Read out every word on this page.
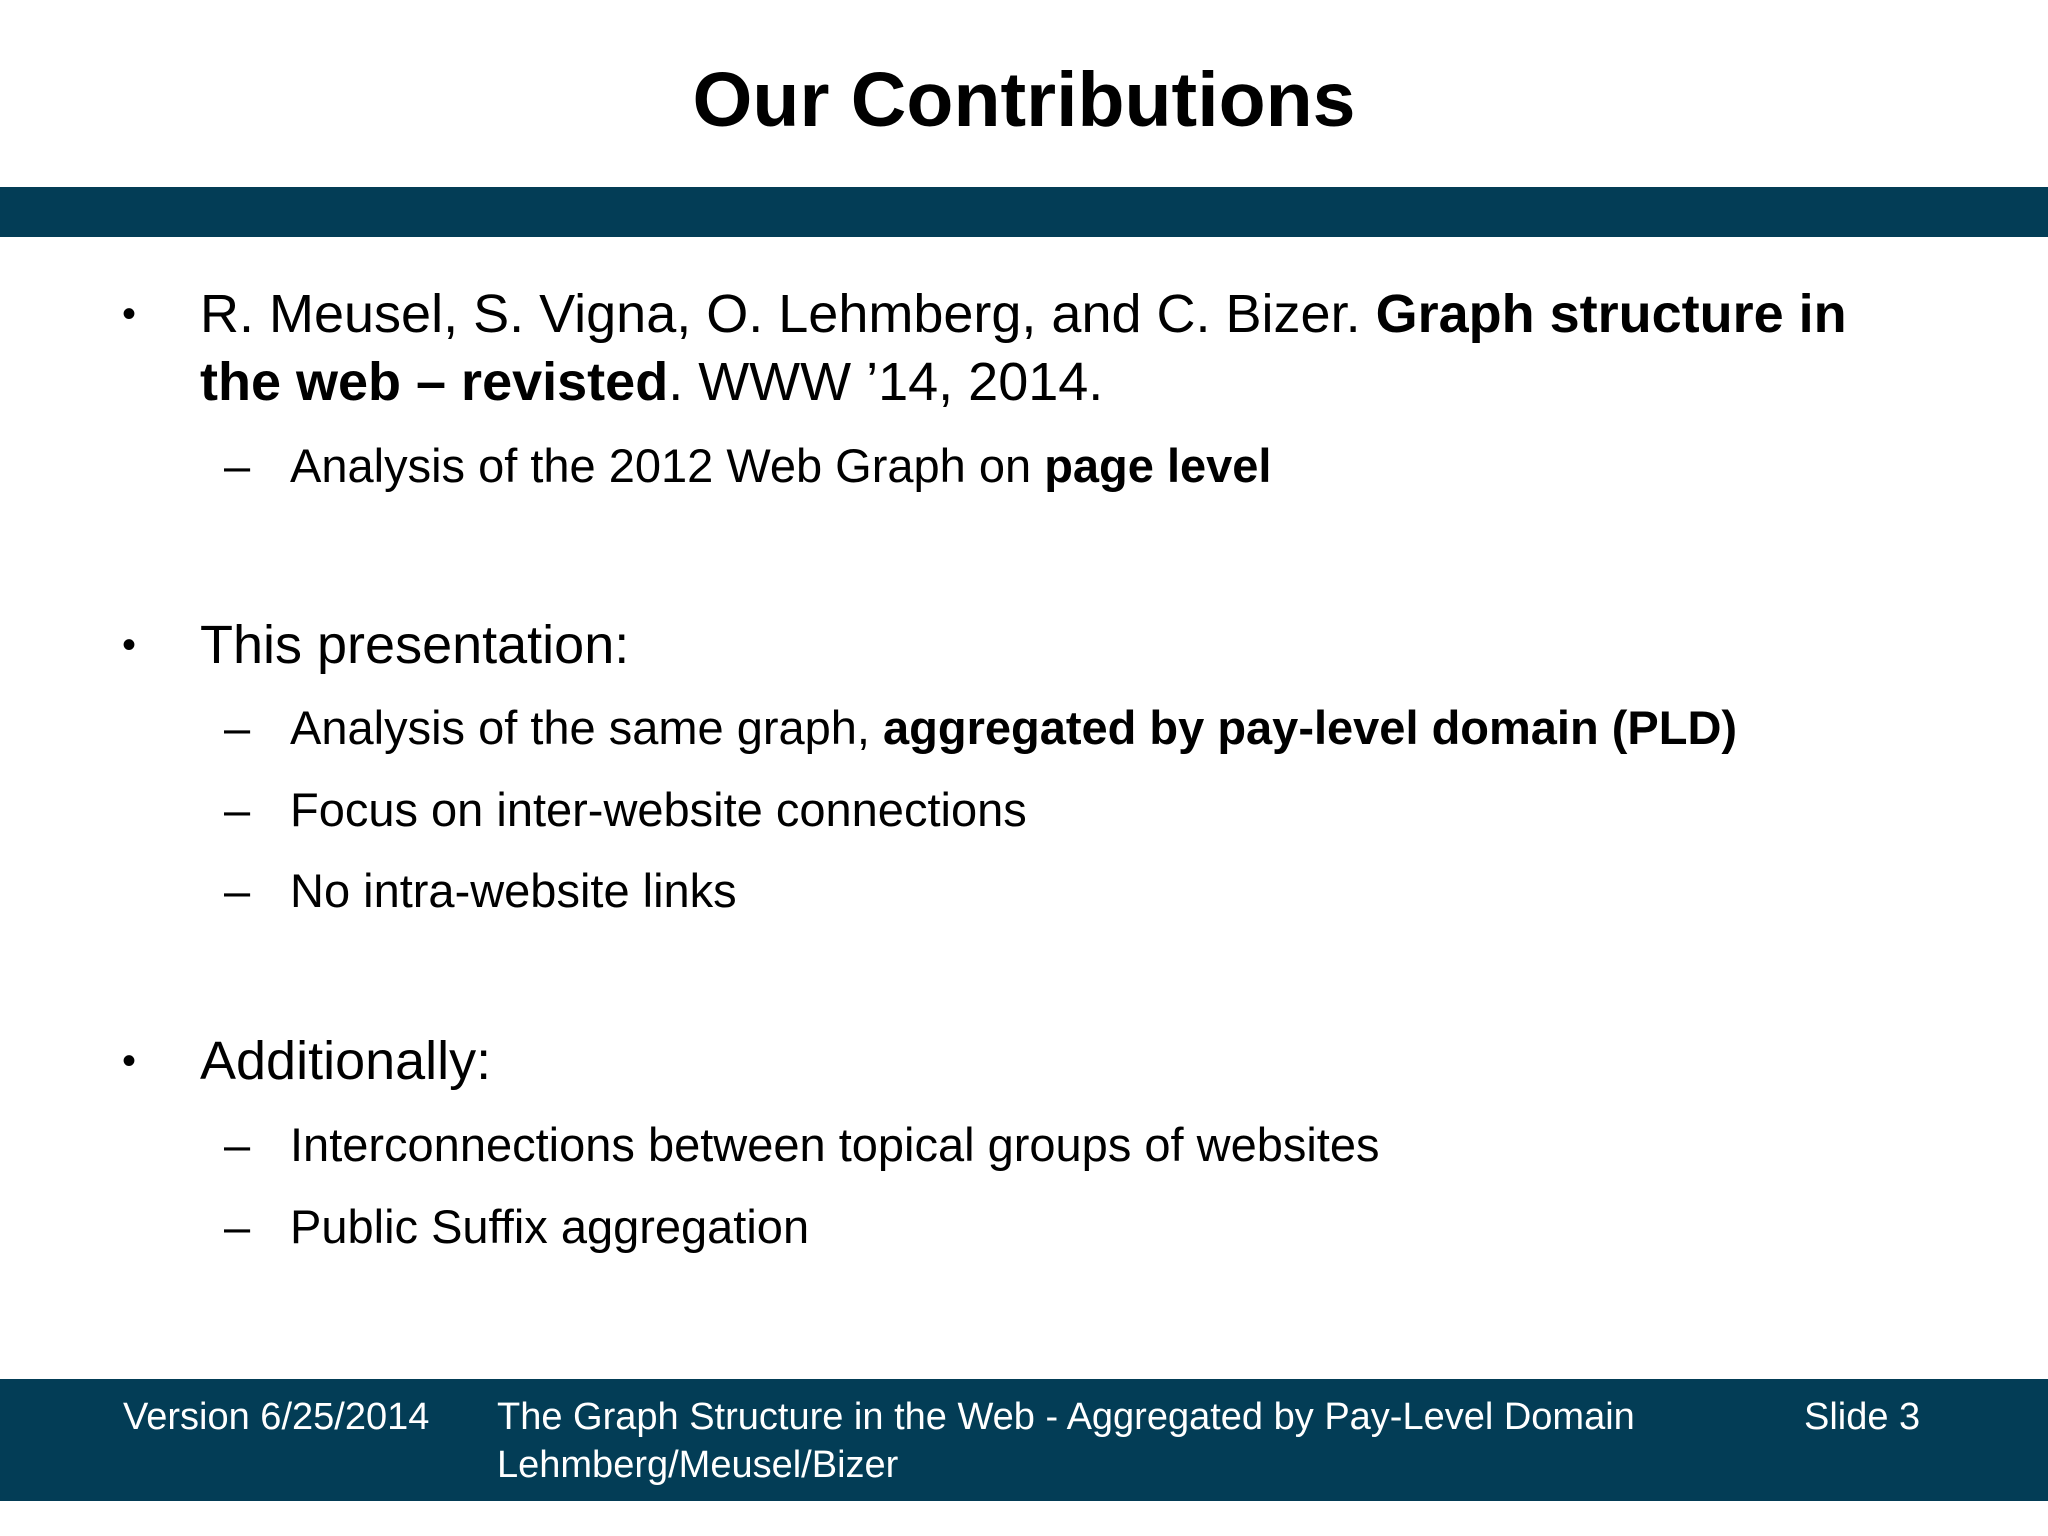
Our Contributions
• R. Meusel, S. Vigna, O. Lehmberg, and C. Bizer. Graph structure in the web – revisted. WWW ’14, 2014.
– Analysis of the 2012 Web Graph on page level
• This presentation:
– Analysis of the same graph, aggregated by pay-level domain (PLD)
– Focus on inter-website connections
– No intra-website links
• Additionally:
– Interconnections between topical groups of websites
– Public Suffix aggregation
Version 6/25/2014 The Graph Structure in the Web - Aggregated by Pay-Level Domain
Lehmberg/Meusel/Bizer
Slide 3
